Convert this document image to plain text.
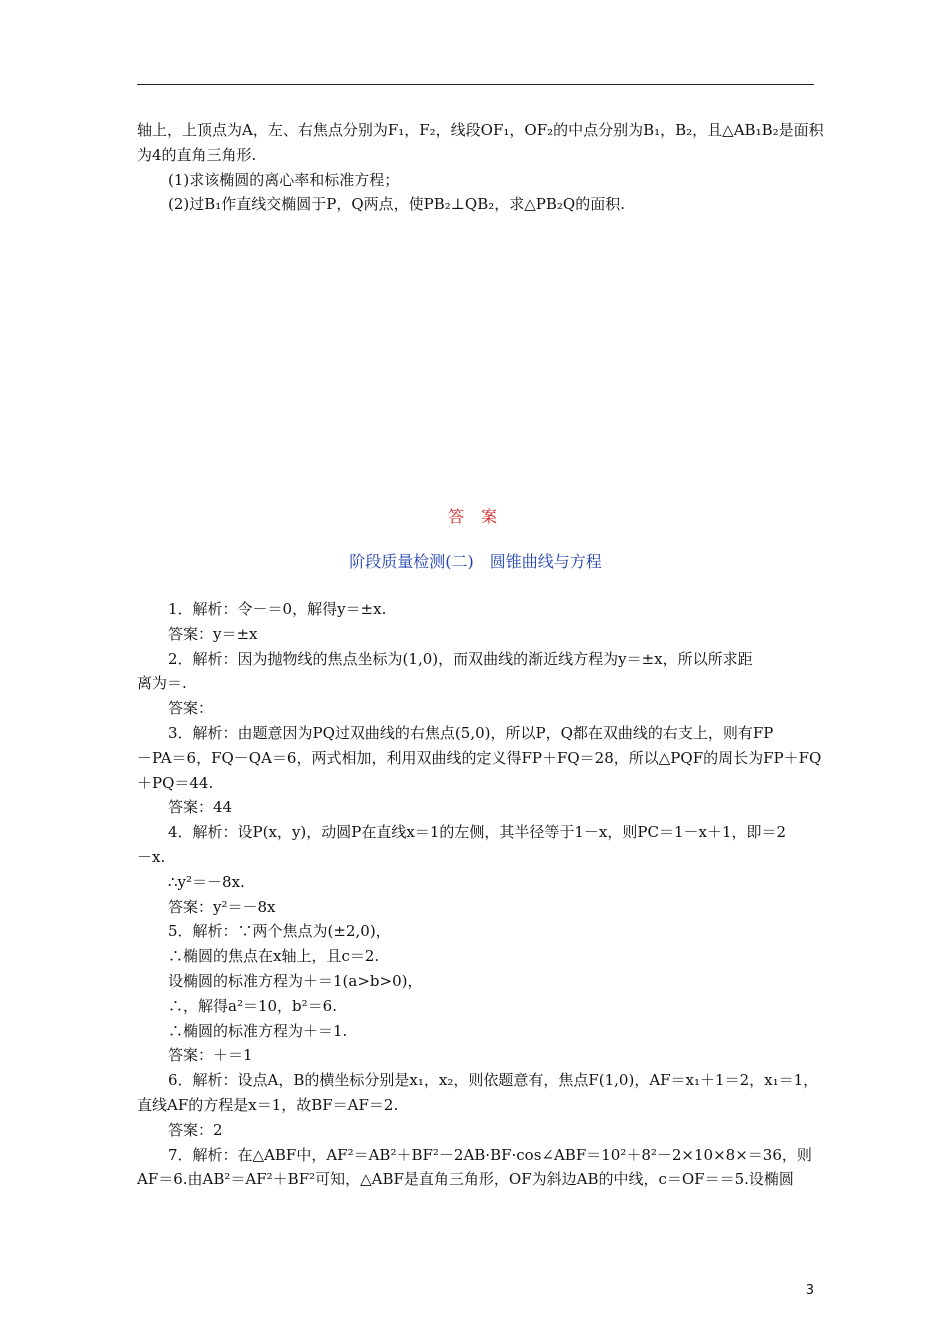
轴上，上顶点为A，左、右焦点分别为F₁，F₂，线段OF₁，OF₂的中点分别为B₁，B₂，且△AB₁B₂是面积
为4的直角三角形.
(1)求该椭圆的离心率和标准方程；
(2)过B₁作直线交椭圆于P，Q两点，使PB₂⊥QB₂，求△PB₂Q的面积.
答 案
阶段质量检测(二)　圆锥曲线与方程
1．解析：令－＝0，解得y＝±x.
答案：y＝±x
2．解析：因为抛物线的焦点坐标为(1,0)，而双曲线的渐近线方程为y＝±x，所以所求距
离为＝.
答案：
3．解析：由题意因为PQ过双曲线的右焦点(5,0)，所以P，Q都在双曲线的右支上，则有FP
－PA＝6，FQ－QA＝6，两式相加，利用双曲线的定义得FP＋FQ＝28，所以△PQF的周长为FP＋FQ
＋PQ＝44.
答案：44
4．解析：设P(x，y)，动圆P在直线x＝1的左侧，其半径等于1－x，则PC＝1－x＋1，即＝2
－x.
∴y²＝－8x.
答案：y²＝－8x
5．解析：∵两个焦点为(±2,0)，
∴椭圆的焦点在x轴上，且c＝2.
设椭圆的标准方程为＋＝1(a>b>0)，
∴，解得a²＝10，b²＝6.
∴椭圆的标准方程为＋＝1.
答案：＋＝1
6．解析：设点A，B的横坐标分别是x₁，x₂，则依题意有，焦点F(1,0)，AF＝x₁＋1＝2，x₁＝1，
直线AF的方程是x＝1，故BF＝AF＝2.
答案：2
7．解析：在△ABF中，AF²＝AB²＋BF²－2AB·BF·cos∠ABF＝10²＋8²－2×10×8×＝36，则
AF＝6.由AB²＝AF²＋BF²可知，△ABF是直角三角形，OF为斜边AB的中线，c＝OF＝＝5.设椭圆
3
